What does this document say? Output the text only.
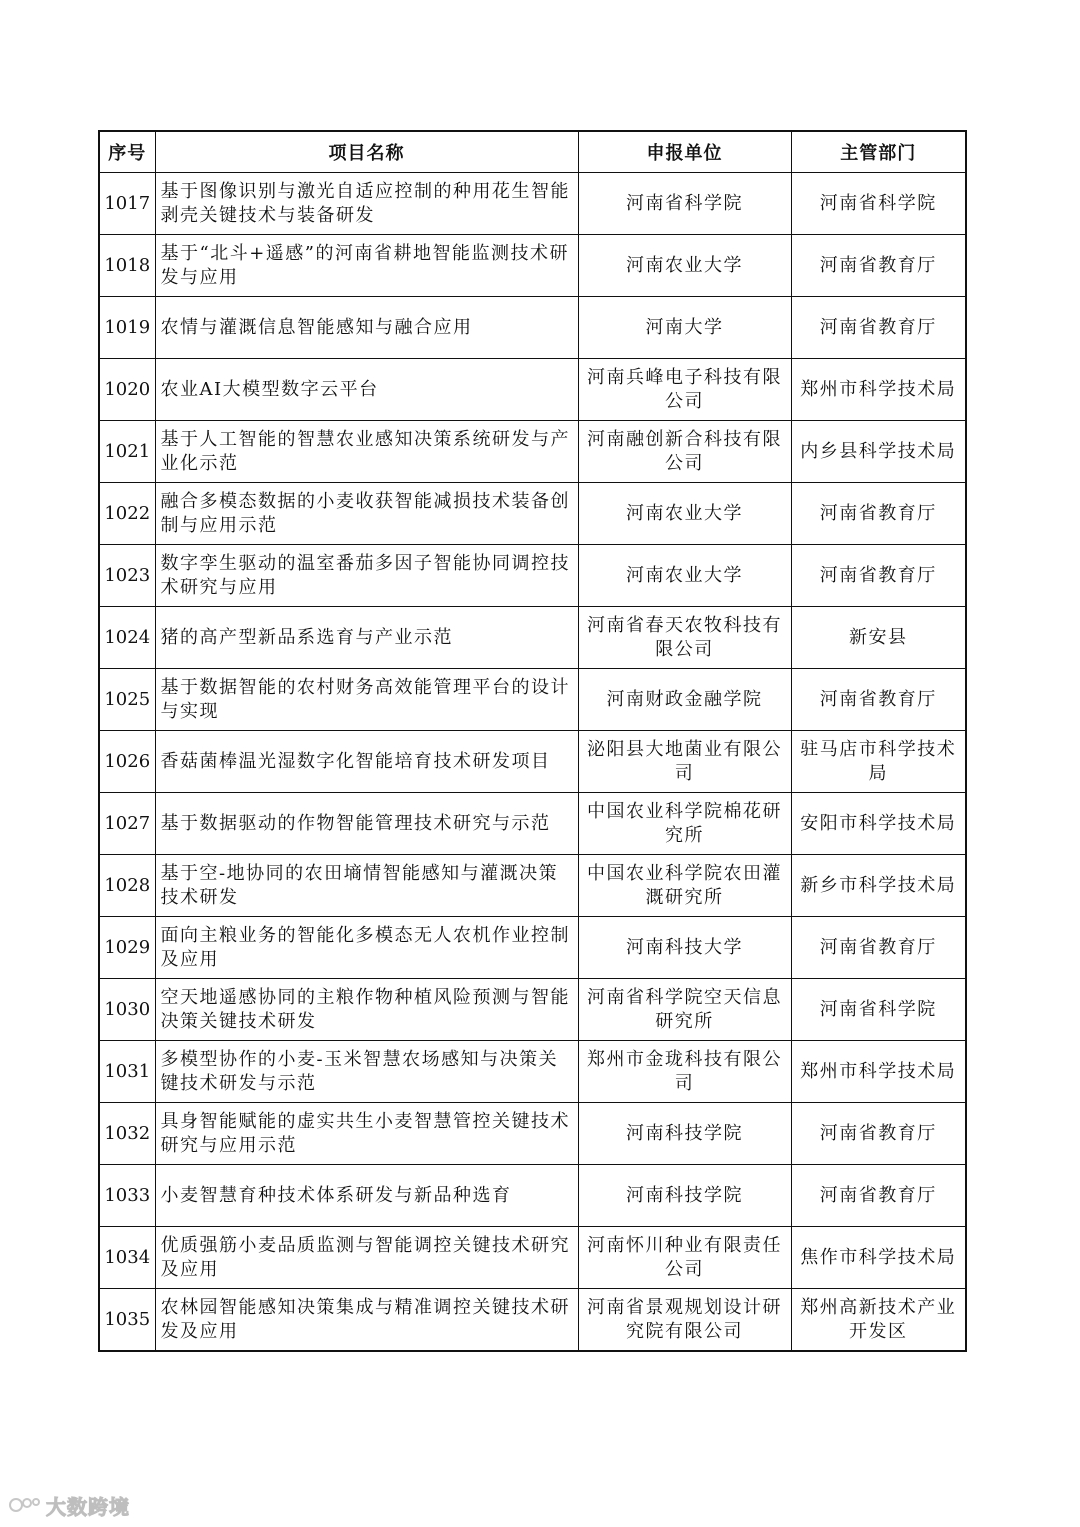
序号	项目名称	申报单位	主管部门
1017	基于图像识别与激光自适应控制的种用花生智能剥壳关键技术与装备研发	河南省科学院	河南省科学院
1018	基于“北斗+遥感”的河南省耕地智能监测技术研发与应用	河南农业大学	河南省教育厅
1019	农情与灌溉信息智能感知与融合应用	河南大学	河南省教育厅
1020	农业AI大模型数字云平台	河南兵峰电子科技有限公司	郑州市科学技术局
1021	基于人工智能的智慧农业感知决策系统研发与产业化示范	河南融创新合科技有限公司	内乡县科学技术局
1022	融合多模态数据的小麦收获智能减损技术装备创制与应用示范	河南农业大学	河南省教育厅
1023	数字孪生驱动的温室番茄多因子智能协同调控技术研究与应用	河南农业大学	河南省教育厅
1024	猪的高产型新品系选育与产业示范	河南省春天农牧科技有限公司	新安县
1025	基于数据智能的农村财务高效能管理平台的设计与实现	河南财政金融学院	河南省教育厅
1026	香菇菌棒温光湿数字化智能培育技术研发项目	泌阳县大地菌业有限公司	驻马店市科学技术局
1027	基于数据驱动的作物智能管理技术研究与示范	中国农业科学院棉花研究所	安阳市科学技术局
1028	基于空-地协同的农田墒情智能感知与灌溉决策技术研发	中国农业科学院农田灌溉研究所	新乡市科学技术局
1029	面向主粮业务的智能化多模态无人农机作业控制及应用	河南科技大学	河南省教育厅
1030	空天地遥感协同的主粮作物种植风险预测与智能决策关键技术研发	河南省科学院空天信息研究所	河南省科学院
1031	多模型协作的小麦-玉米智慧农场感知与决策关键技术研发与示范	郑州市金珑科技有限公司	郑州市科学技术局
1032	具身智能赋能的虚实共生小麦智慧管控关键技术研究与应用示范	河南科技学院	河南省教育厅
1033	小麦智慧育种技术体系研发与新品种选育	河南科技学院	河南省教育厅
1034	优质强筋小麦品质监测与智能调控关键技术研究及应用	河南怀川种业有限责任公司	焦作市科学技术局
1035	农林园智能感知决策集成与精准调控关键技术研发及应用	河南省景观规划设计研究院有限公司	郑州高新技术产业开发区
大数跨境
